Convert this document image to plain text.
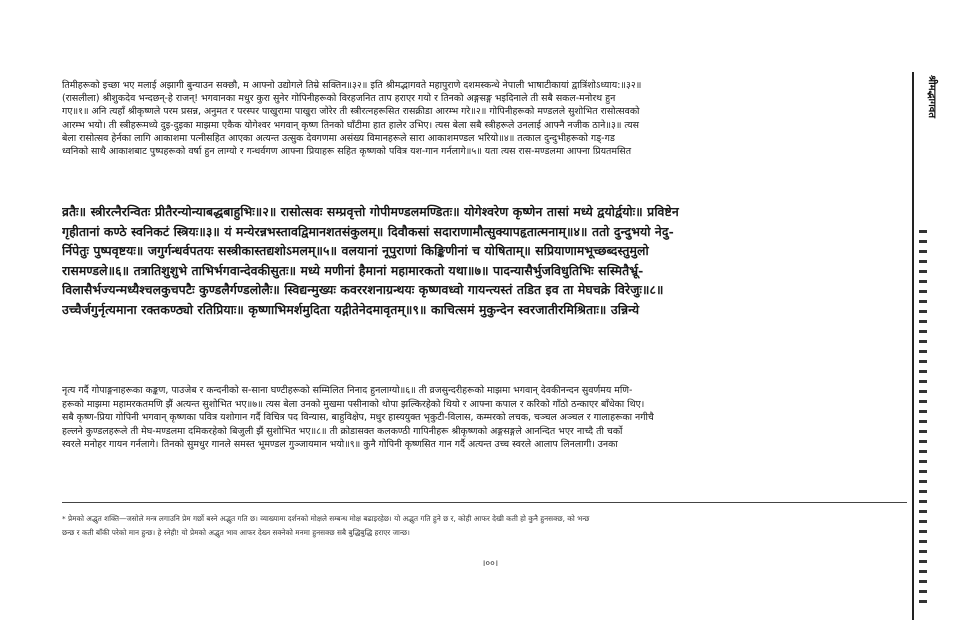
तिमीहरूको इच्छा भए मलाई अझागी बुन्याउन सक्छौ, म आफ्नो उद्योगले तिम्रे सक्तिन॥३२॥ इति श्रीमद्भागवते महापुराणे दशमस्कन्धे नेपाली भाषाटीकायां द्वात्रिंशोऽध्याय:॥३२॥
(रासलीला) श्रीशुकदेव भन्दछन्-हे राजन्! भगवानका मधुर कुरा सुनेर गोपिनीहरूको विरहजनित ताप हराएर गयो र तिनको अङ्गसङ्ग भइदिनाले ती सबै सकल-मनोरथ हुन
गए॥१॥ अनि त्यहाँ श्रीकृष्णले परम प्रसन्न, अनुमत र परस्पर पाखुरामा पाखुरा जोरेर ती स्त्रीरत्नहरूसित रासक्रीडा आरम्भ गरे॥२॥ गोपिनीहरूको मण्डलले सुशोभित रासोत्सवको
आरम्भ भयो। ती स्त्रीहरूमध्ये दुइ-दुइका माझमा एकैक योगेश्वर भगवान् कृष्ण तिनको घाँटीमा हात हालेर उभिए। त्यस बेला सबै स्त्रीहरूले उनलाई आफ्नै नजीक ठाने॥३॥ त्यस
बेला रासोत्सव हेर्नका लागि आकाशमा पत्नीसहित आएका अत्यन्त उत्सुक देवगणमा असंख्य विमानहरूले सारा आकाशमण्डल भरियो॥४॥ तत्काल दुन्दुभीहरूको गड्-गड
ध्वनिको साथै आकाशबाट पुष्पहरूको वर्षा हुन लाग्यो र गन्धर्वगण आफ्ना प्रियाहरू सहित कृष्णको पवित्र यश-गान गर्नलागे॥५॥ यता त्यस रास-मण्डलमा आफ्ना प्रियतमसित
व्रतैः॥ स्त्रीरत्नैरन्वितः प्रीतैरन्योन्याबद्धबाहुभिः॥२॥ रासोत्सवः सम्प्रवृत्तो गोपीमण्डलमण्डितः॥ योगेश्वरेण कृष्णेन तासां मध्ये द्वयोर्द्वयोः॥ प्रविष्टेन
गृहीतानां कण्ठे स्वनिकटं स्त्रियः॥३॥ यं मन्येरन्नभस्तावद्विमानशतसंकुलम्॥ दिवौकसां सदाराणामौत्सुक्यापहृतात्मनाम्॥४॥ ततो दुन्दुभयो नेदु-
र्निपेतुः पुष्पवृष्टयः॥ जगुर्गन्धर्वपतयः सस्त्रीकास्तद्यशोऽमलम्॥५॥ वलयानां नूपुराणां किङ्किणीनां च योषिताम्॥ सप्रियाणामभूच्छब्दस्तुमुलो
रासमण्डले॥६॥ तत्रातिशुशुभे ताभिर्भगवान्देवकीसुतः॥ मध्ये मणीनां हैमानां महामारकतो यथा॥७॥ पादन्यासैर्भुजविधुतिभिः सस्मितैर्भ्रू-
विलासैर्भज्यन्मध्यैश्चलकुचपटैः कुण्डलैर्गण्डलोलैः॥ स्विद्यन्मुख्यः कवररशनाग्रन्थयः कृष्णवध्वो गायन्त्यस्तं तडित इव ता मेघचक्रे विरेजुः॥८॥
उच्चैर्जगुर्नृत्यमाना रक्तकण्ठ्यो रतिप्रियाः॥ कृष्णाभिमर्शमुदिता यद्गीतेनेदमावृतम्॥९॥ काचित्समं मुकुन्देन स्वरजातीरमिश्रिताः॥ उन्निन्ये
नृत्य गर्दै गोपाङ्गनाहरूका कङ्कण, पाउजेब र कन्दनीको स-साना घण्टीहरूको सम्मिलित निनाद हुनलाग्यो॥६॥ ती व्रजसुन्दरीहरूको माझमा भगवान् देवकीनन्दन सुवर्णमय मणि-
हरूको माझमा महामरकतमणि झैं अत्यन्त सुशोभित भए॥७॥ त्यस बेला उनको मुखमा पसीनाको थोपा झल्किरहेको थियो र आफ्ना कपाल र करिको गाँठो ठन्काएर बाँधेका थिए।
सबै कृष्ण-प्रिया गोपिनी भगवान् कृष्णका पवित्र यशोगान गर्दै विचित्र पद विन्यास, बाहुविक्षेप, मधुर हास्ययुक्त भृकुटी-विलास, कम्मरको लचक, चञ्चल अञ्चल र गालाहरूका नगीचै
हल्लने कुण्डलहरूले ती मेघ-मण्डलमा दमिकरहेको बिजुली झैं सुशोभित भए॥८॥ ती क्रोडासक्त कलकण्ठी गापिनीहरू श्रीकृष्णको अङ्गसङ्गले आनन्दित भएर नाच्दै ती चर्को
स्वरले मनोहर गायन गर्नलागे। तिनको सुमधुर गानले समस्त भूमण्डल गुञ्जायमान भयो॥९॥ कुनै गोपिनी कृष्णसित गान गर्दै अत्यन्त उच्च स्वरले आलाप लिनलागी। उनका
* प्रेमको अद्भुत शक्ति—जसोले मन्त्र लगाउनि प्रेम गर्छो बस्ने अद्भुत गति छ। व्याख्यामा दर्शनको मोक्षले सम्बन्ध मोक्ष बढाइरहेछ। यो अद्भुत गति हुने छ र, कोही आफर देखी कती हो कुनै हुनसक्छ, को भन्छ
छन्छ र कती बाँकी परेको मान हुन्छ। हे स्नेही! यो प्रेमको अद्भुत भाव आफर देख्न सक्नेको मनमा हुनसक्छ सबै बुद्धिबुद्धि हराएर जान्छ।
।००।
श्रीमद्भागवत
